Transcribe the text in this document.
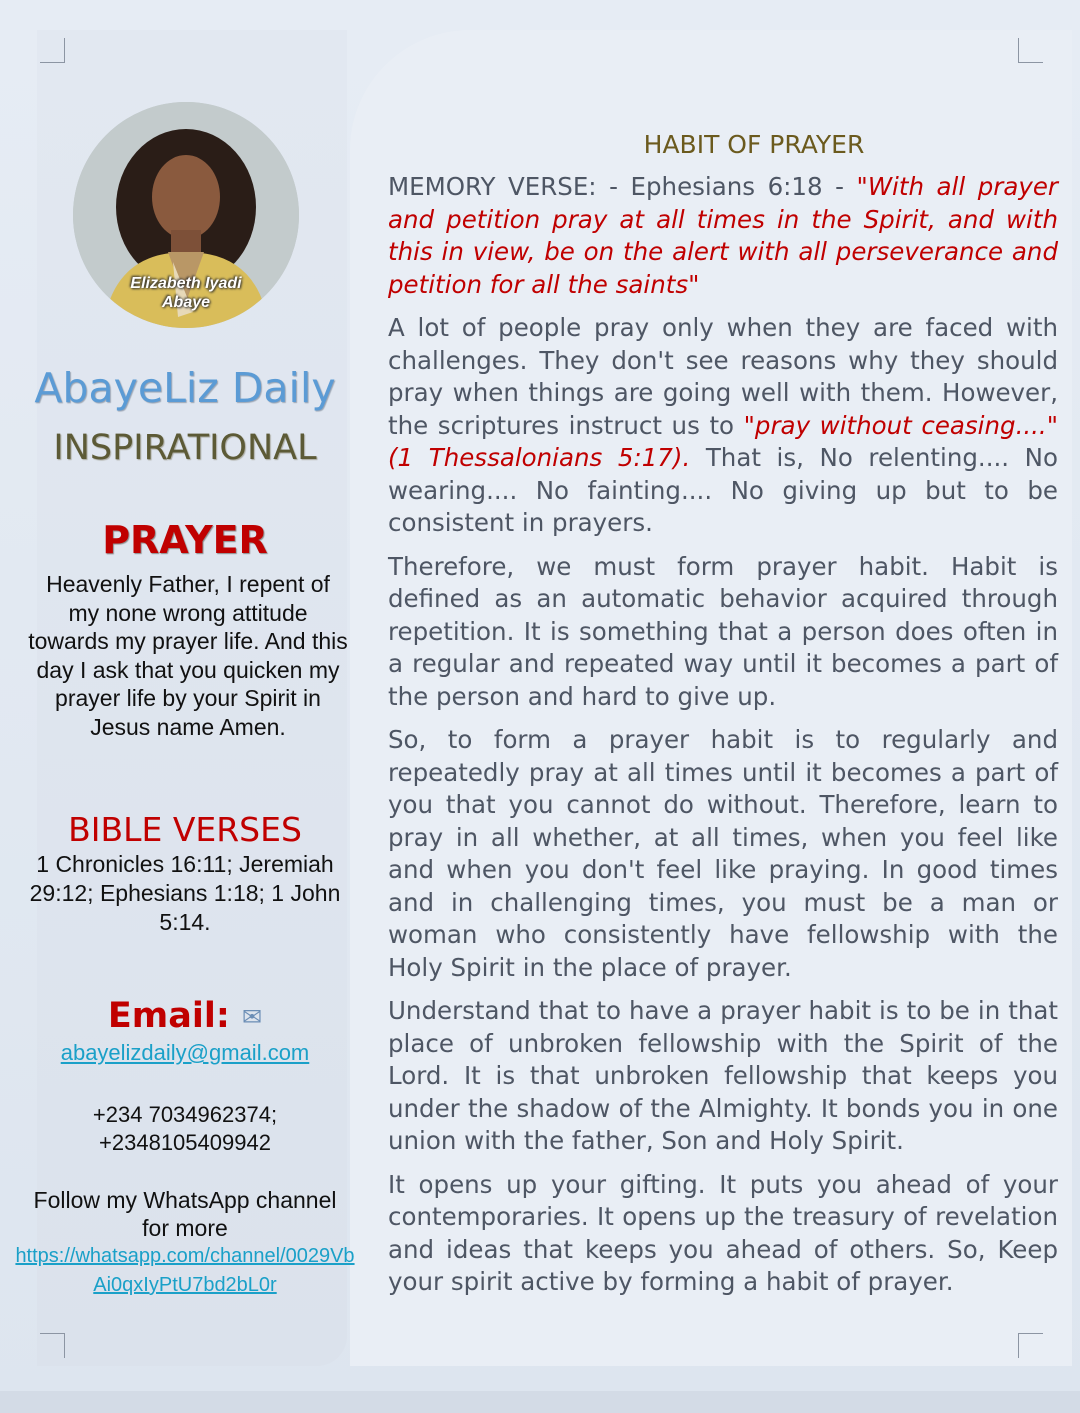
Elizabeth Iyadi
Abaye
AbayeLiz Daily
INSPIRATIONAL
PRAYER
Heavenly Father, I repent of my none wrong attitude towards my prayer life. And this day I ask that you quicken my prayer life by your Spirit in Jesus name Amen.
BIBLE VERSES
1 Chronicles 16:11; Jeremiah 29:12; Ephesians 1:18; 1 John 5:14.
Email: ✉
abayelizdaily@gmail.com
+234 7034962374;
+2348105409942
Follow my WhatsApp channel for more
https://whatsapp.com/channel/0029VbAi0qxIyPtU7bd2bL0r
HABIT OF PRAYER

MEMORY VERSE: - Ephesians 6:18 - "With all prayer and petition pray at all times in the Spirit, and with this in view, be on the alert with all perseverance and petition for all the saints"

A lot of people pray only when they are faced with challenges. They don't see reasons why they should pray when things are going well with them. However, the scriptures instruct us to "pray without ceasing...." (1 Thessalonians 5:17). That is, No relenting.... No wearing.... No fainting.... No giving up but to be consistent in prayers.

Therefore, we must form prayer habit. Habit is defined as an automatic behavior acquired through repetition. It is something that a person does often in a regular and repeated way until it becomes a part of the person and hard to give up.

So, to form a prayer habit is to regularly and repeatedly pray at all times until it becomes a part of you that you cannot do without. Therefore, learn to pray in all whether, at all times, when you feel like and when you don't feel like praying. In good times and in challenging times, you must be a man or woman who consistently have fellowship with the Holy Spirit in the place of prayer.

Understand that to have a prayer habit is to be in that place of unbroken fellowship with the Spirit of the Lord. It is that unbroken fellowship that keeps you under the shadow of the Almighty. It bonds you in one union with the father, Son and Holy Spirit.

It opens up your gifting. It puts you ahead of your contemporaries. It opens up the treasury of revelation and ideas that keeps you ahead of others. So, Keep your spirit active by forming a habit of prayer.
